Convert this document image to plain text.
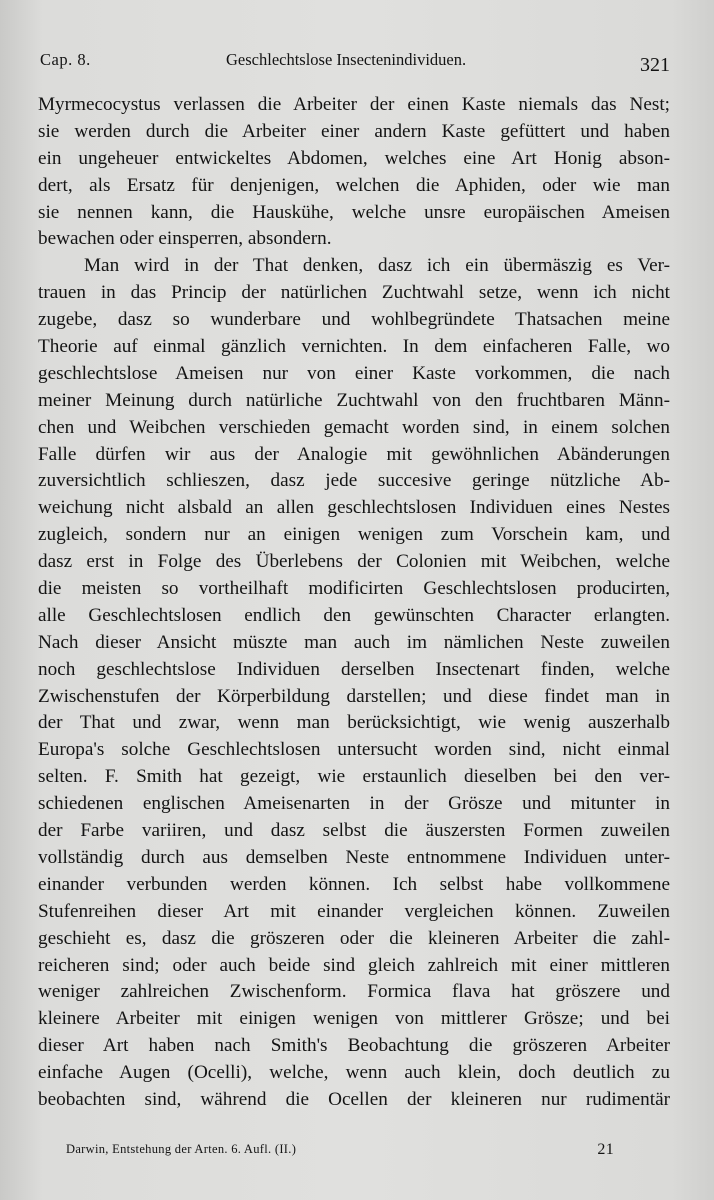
Cap. 8.	Geschlechtslose Insectenindividuen.	321
Myrmecocystus verlassen die Arbeiter der einen Kaste niemals das Nest;
sie werden durch die Arbeiter einer andern Kaste gefüttert und haben
ein ungeheuer entwickeltes Abdomen, welches eine Art Honig abson-
dert, als Ersatz für denjenigen, welchen die Aphiden, oder wie man
sie nennen kann, die Hauskühe, welche unsre europäischen Ameisen
bewachen oder einsperren, absondern.
Man wird in der That denken, dasz ich ein übermäszig es Ver-
trauen in das Princip der natürlichen Zuchtwahl setze, wenn ich nicht
zugebe, dasz so wunderbare und wohlbegründete Thatsachen meine
Theorie auf einmal gänzlich vernichten. In dem einfacheren Falle, wo
geschlechtslose Ameisen nur von einer Kaste vorkommen, die nach
meiner Meinung durch natürliche Zuchtwahl von den fruchtbaren Männ-
chen und Weibchen verschieden gemacht worden sind, in einem solchen
Falle dürfen wir aus der Analogie mit gewöhnlichen Abänderungen
zuversichtlich schlieszen, dasz jede succesive geringe nützliche Ab-
weichung nicht alsbald an allen geschlechtslosen Individuen eines Nestes
zugleich, sondern nur an einigen wenigen zum Vorschein kam, und
dasz erst in Folge des Überlebens der Colonien mit Weibchen, welche
die meisten so vortheilhaft modificirten Geschlechtslosen producirten,
alle Geschlechtslosen endlich den gewünschten Character erlangten.
Nach dieser Ansicht müszte man auch im nämlichen Neste zuweilen
noch geschlechtslose Individuen derselben Insectenart finden, welche
Zwischenstufen der Körperbildung darstellen; und diese findet man in
der That und zwar, wenn man berücksichtigt, wie wenig auszerhalb
Europa's solche Geschlechtslosen untersucht worden sind, nicht einmal
selten. F. Smith hat gezeigt, wie erstaunlich dieselben bei den ver-
schiedenen englischen Ameisenarten in der Grösze und mitunter in
der Farbe variiren, und dasz selbst die äuszersten Formen zuweilen
vollständig durch aus demselben Neste entnommene Individuen unter-
einander verbunden werden können. Ich selbst habe vollkommene
Stufenreihen dieser Art mit einander vergleichen können. Zuweilen
geschieht es, dasz die gröszeren oder die kleineren Arbeiter die zahl-
reicheren sind; oder auch beide sind gleich zahlreich mit einer mittleren
weniger zahlreichen Zwischenform. Formica flava hat gröszere und
kleinere Arbeiter mit einigen wenigen von mittlerer Grösze; und bei
dieser Art haben nach Smith's Beobachtung die gröszeren Arbeiter
einfache Augen (Ocelli), welche, wenn auch klein, doch deutlich zu
beobachten sind, während die Ocellen der kleineren nur rudimentär
Darwin, Entstehung der Arten. 6. Aufl. (II.)	21
